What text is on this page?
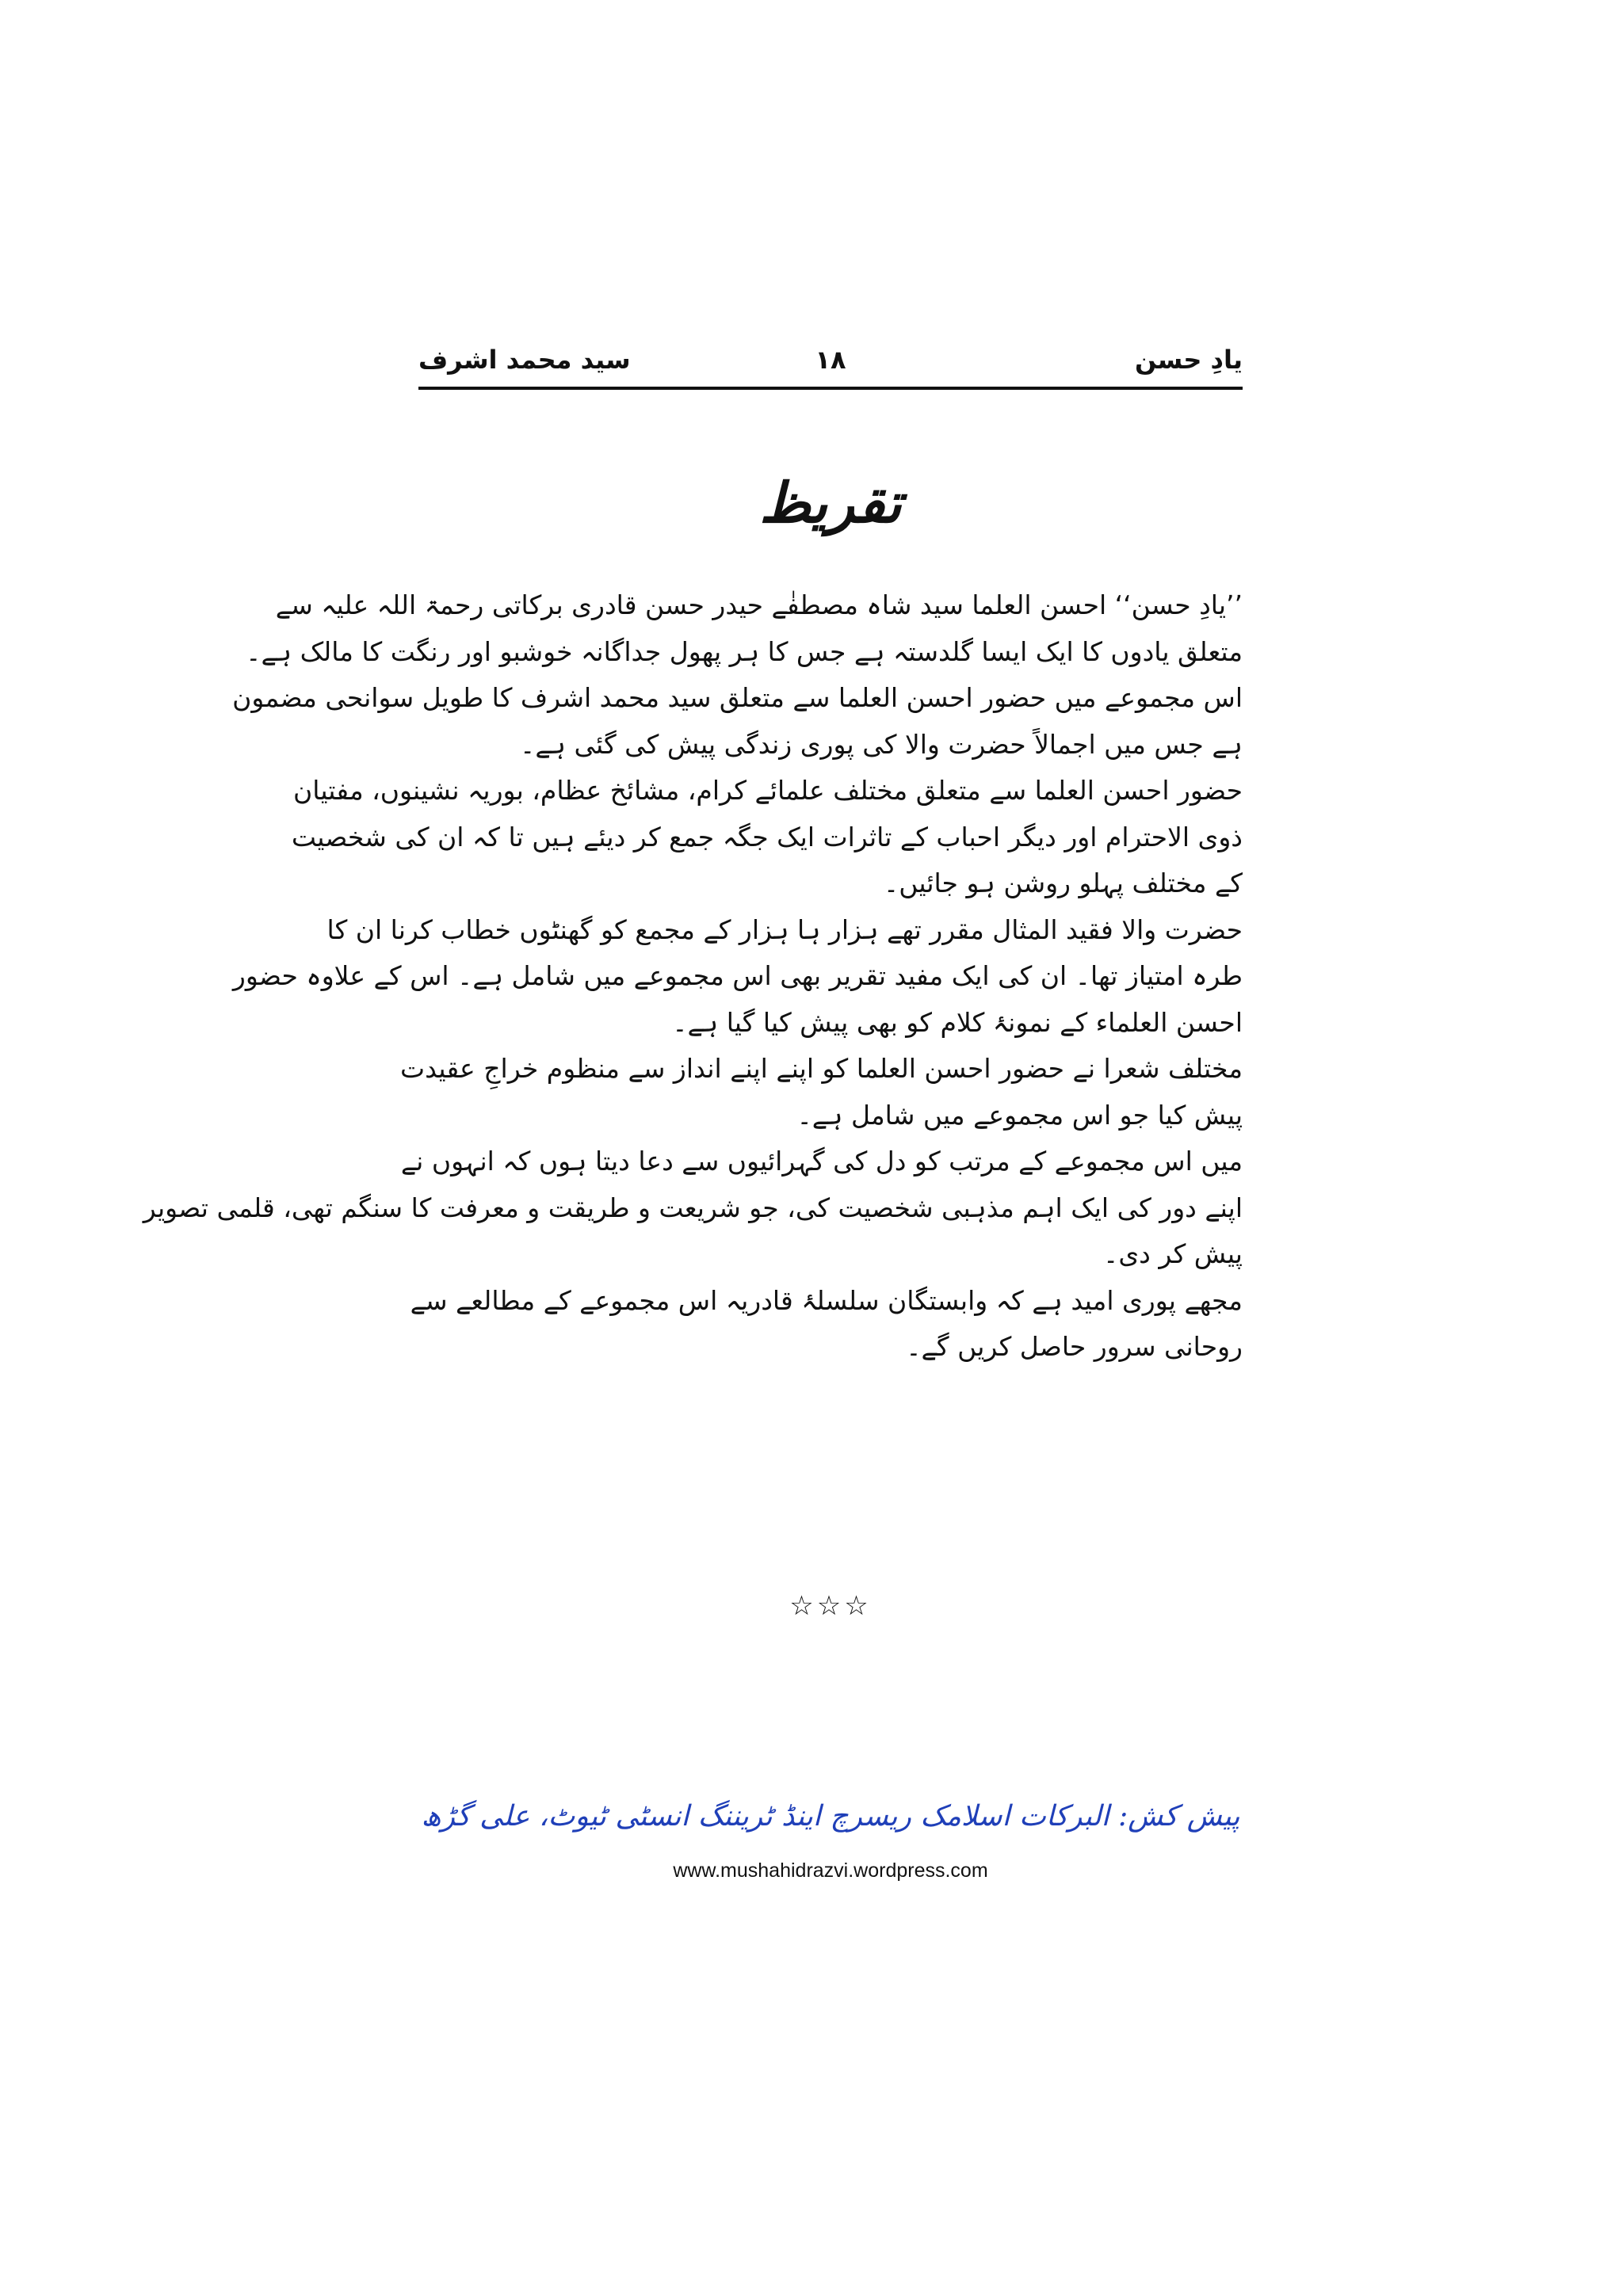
یادِ حسن
۱۸
سید محمد اشرف
تقریظ

’’یادِ حسن‘‘ احسن العلما سید شاہ مصطفٰے حیدر حسن قادری برکاتی رحمۃ اللہ علیہ سے
متعلق یادوں کا ایک ایسا گلدستہ ہے جس کا ہر پھول جداگانہ خوشبو اور رنگت کا مالک ہے۔

اس مجموعے میں حضور احسن العلما سے متعلق سید محمد اشرف کا طویل سوانحی مضمون
ہے جس میں اجمالاً حضرت والا کی پوری زندگی پیش کی گئی ہے۔

حضور احسن العلما سے متعلق مختلف علمائے کرام، مشائخ عظام، بوریہ نشینوں، مفتیان
ذوی الاحترام اور دیگر احباب کے تاثرات ایک جگہ جمع کر دیئے ہیں تا کہ ان کی شخصیت
کے مختلف پہلو روشن ہو جائیں۔

حضرت والا فقید المثال مقرر تھے ہزار ہا ہزار کے مجمع کو گھنٹوں خطاب کرنا ان کا
طرہ امتیاز تھا۔ ان کی ایک مفید تقریر بھی اس مجموعے میں شامل ہے۔ اس کے علاوہ حضور
احسن العلماء کے نمونۂ کلام کو بھی پیش کیا گیا ہے۔

مختلف شعرا نے حضور احسن العلما کو اپنے اپنے انداز سے منظوم خراجِ عقیدت
پیش کیا جو اس مجموعے میں شامل ہے۔

میں اس مجموعے کے مرتب کو دل کی گہرائیوں سے دعا دیتا ہوں کہ انہوں نے
اپنے دور کی ایک اہم مذہبی شخصیت کی، جو شریعت و طریقت و معرفت کا سنگم تھی، قلمی تصویر
پیش کر دی۔

مجھے پوری امید ہے کہ وابستگان سلسلۂ قادریہ اس مجموعے کے مطالعے سے
روحانی سرور حاصل کریں گے۔

☆☆☆
پیش کش: البرکات اسلامک ریسرچ اینڈ ٹریننگ انسٹی ٹیوٹ، علی گڑھ
www.mushahidrazvi.wordpress.com
